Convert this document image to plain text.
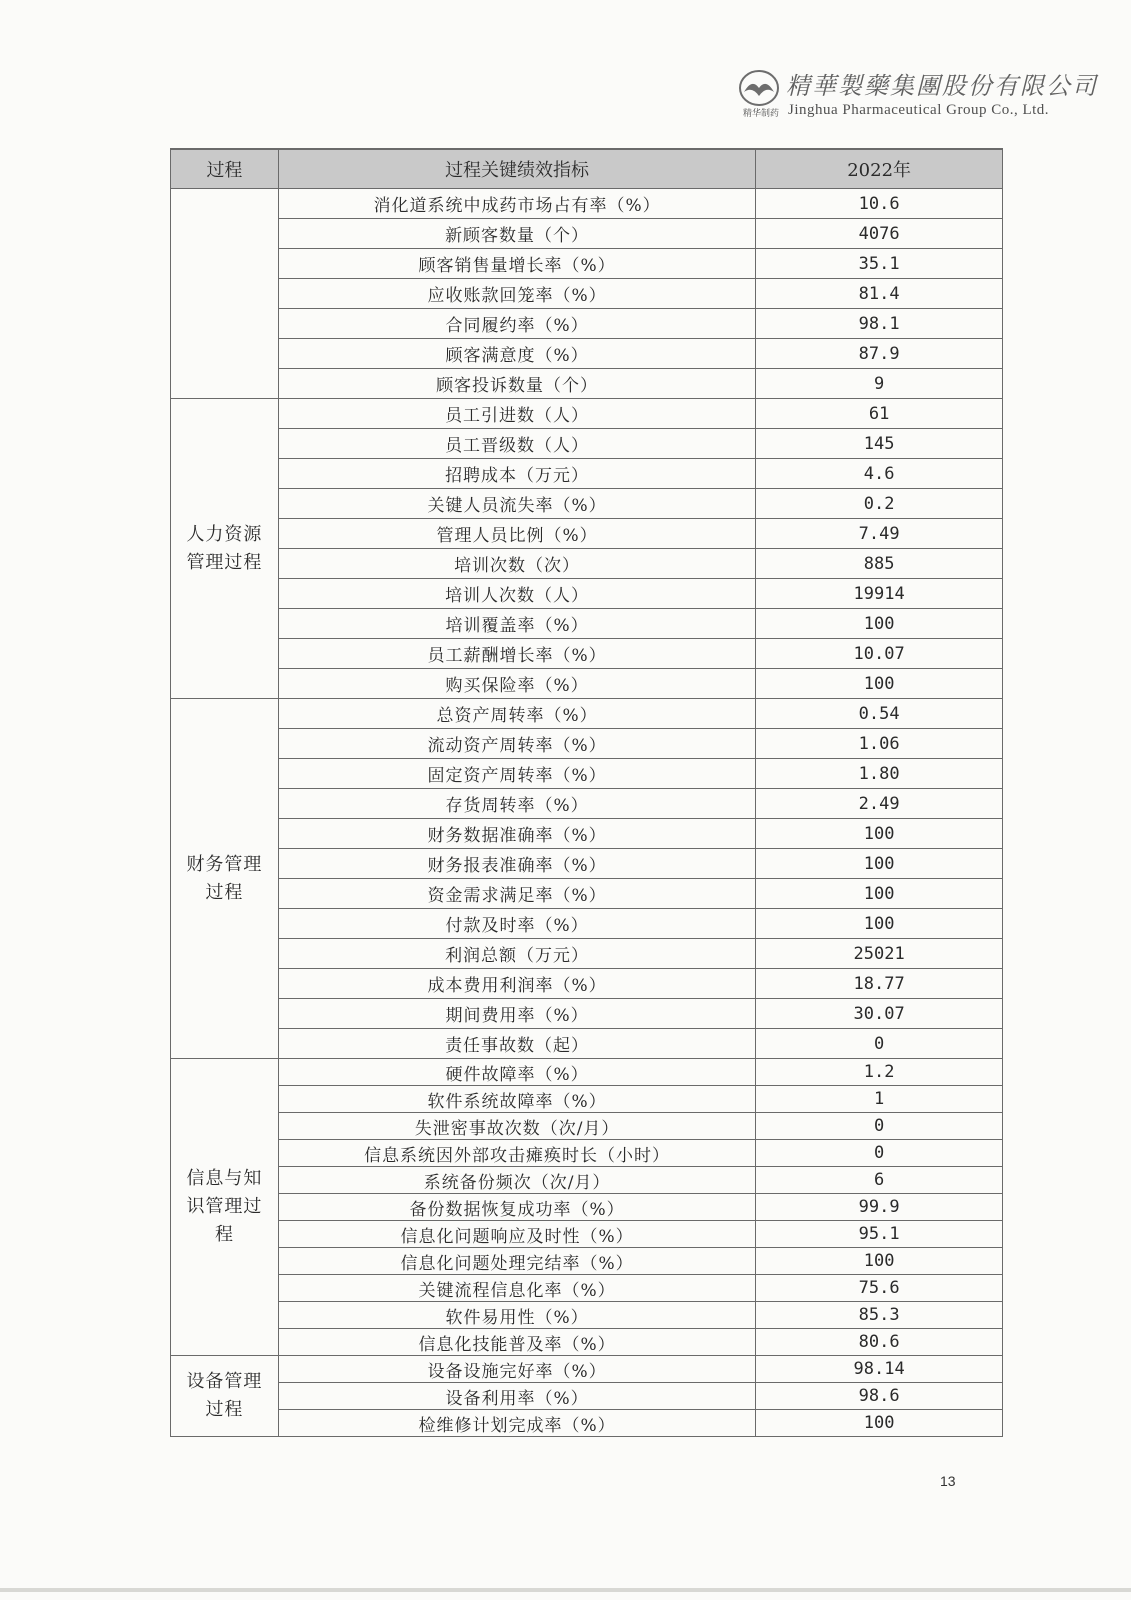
精华制药
精華製藥集團股份有限公司
Jinghua Pharmaceutical Group Co., Ltd.
过程	过程关键绩效指标	2022年
	消化道系统中成药市场占有率（%）	10.6
	新顾客数量（个）	4076
	顾客销售量增长率（%）	35.1
	应收账款回笼率（%）	81.4
	合同履约率（%）	98.1
	顾客满意度（%）	87.9
	顾客投诉数量（个）	9
人力资源
管理过程	员工引进数（人）	61
	员工晋级数（人）	145
	招聘成本（万元）	4.6
	关键人员流失率（%）	0.2
	管理人员比例（%）	7.49
	培训次数（次）	885
	培训人次数（人）	19914
	培训覆盖率（%）	100
	员工薪酬增长率（%）	10.07
	购买保险率（%）	100
财务管理
过程	总资产周转率（%）	0.54
	流动资产周转率（%）	1.06
	固定资产周转率（%）	1.80
	存货周转率（%）	2.49
	财务数据准确率（%）	100
	财务报表准确率（%）	100
	资金需求满足率（%）	100
	付款及时率（%）	100
	利润总额（万元）	25021
	成本费用利润率（%）	18.77
	期间费用率（%）	30.07
	责任事故数（起）	0
信息与知
识管理过
程	硬件故障率（%）	1.2
	软件系统故障率（%）	1
	失泄密事故次数（次/月）	0
	信息系统因外部攻击瘫痪时长（小时）	0
	系统备份频次（次/月）	6
	备份数据恢复成功率（%）	99.9
	信息化问题响应及时性（%）	95.1
	信息化问题处理完结率（%）	100
	关键流程信息化率（%）	75.6
	软件易用性（%）	85.3
	信息化技能普及率（%）	80.6
设备管理
过程	设备设施完好率（%）	98.14
	设备利用率（%）	98.6
	检维修计划完成率（%）	100
13
